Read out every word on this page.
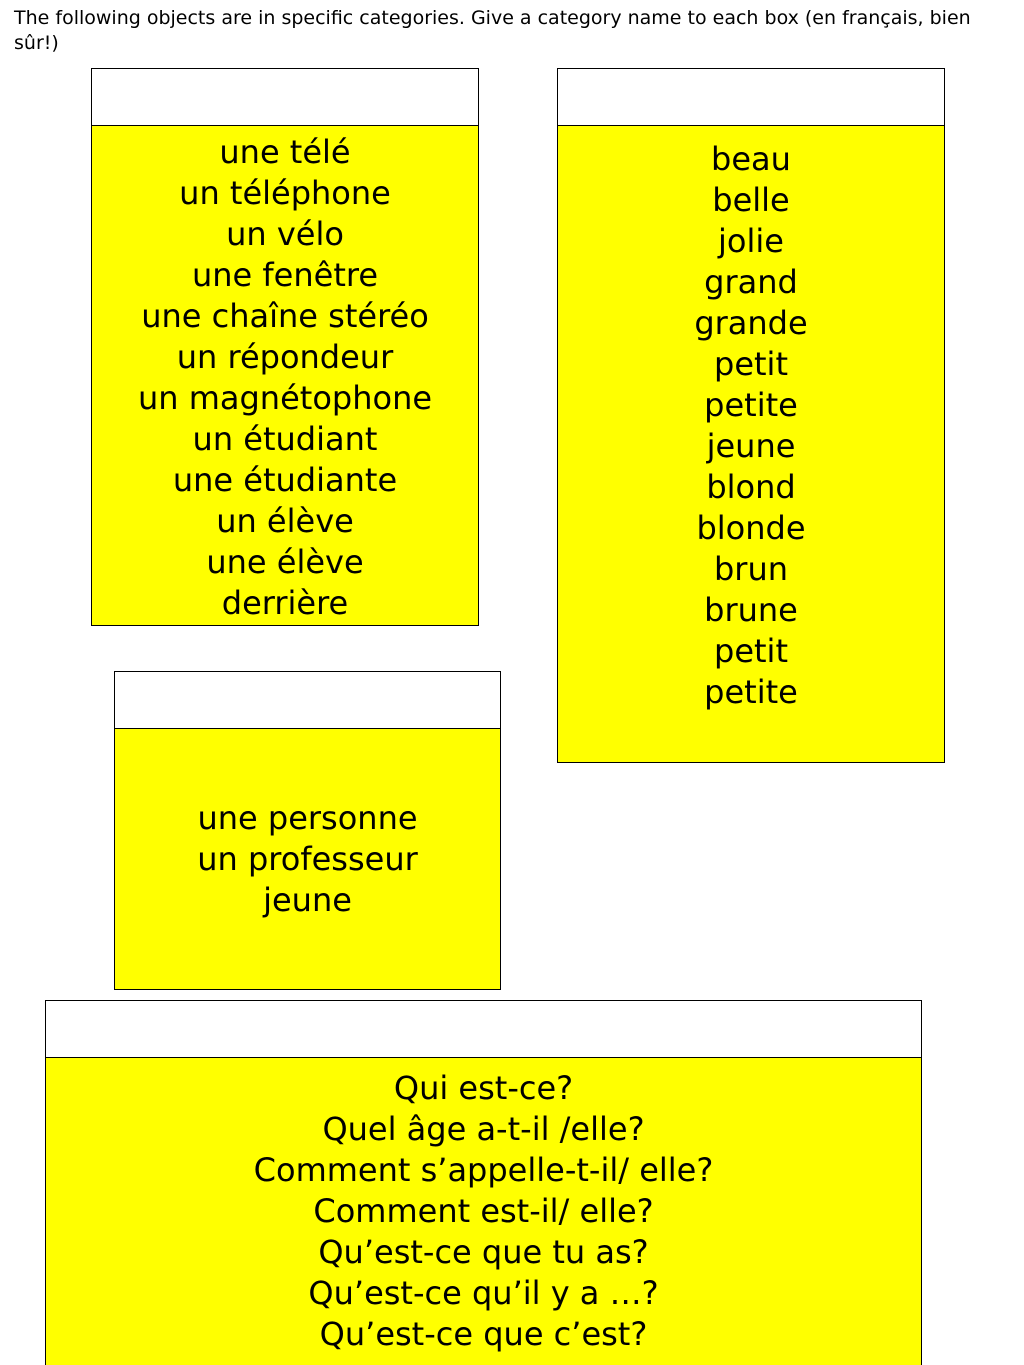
The following objects are in specific categories. Give a category name to each box (en français, bien sûr!)

une télé
un téléphone
un vélo
une fenêtre
une chaîne stéréo
un répondeur
un magnétophone
un étudiant
une étudiante
un élève
une élève
derrière
beau
belle
jolie
grand
grande
petit
petite
jeune
blond
blonde
brun
brune
petit
petite
une personne
un professeur
jeune
Qui est-ce?
Quel âge a-t-il /elle?
Comment s’appelle-t-il/ elle?
Comment est-il/ elle?
Qu’est-ce que tu as?
Qu’est-ce qu’il y a …?
Qu’est-ce que c’est?
